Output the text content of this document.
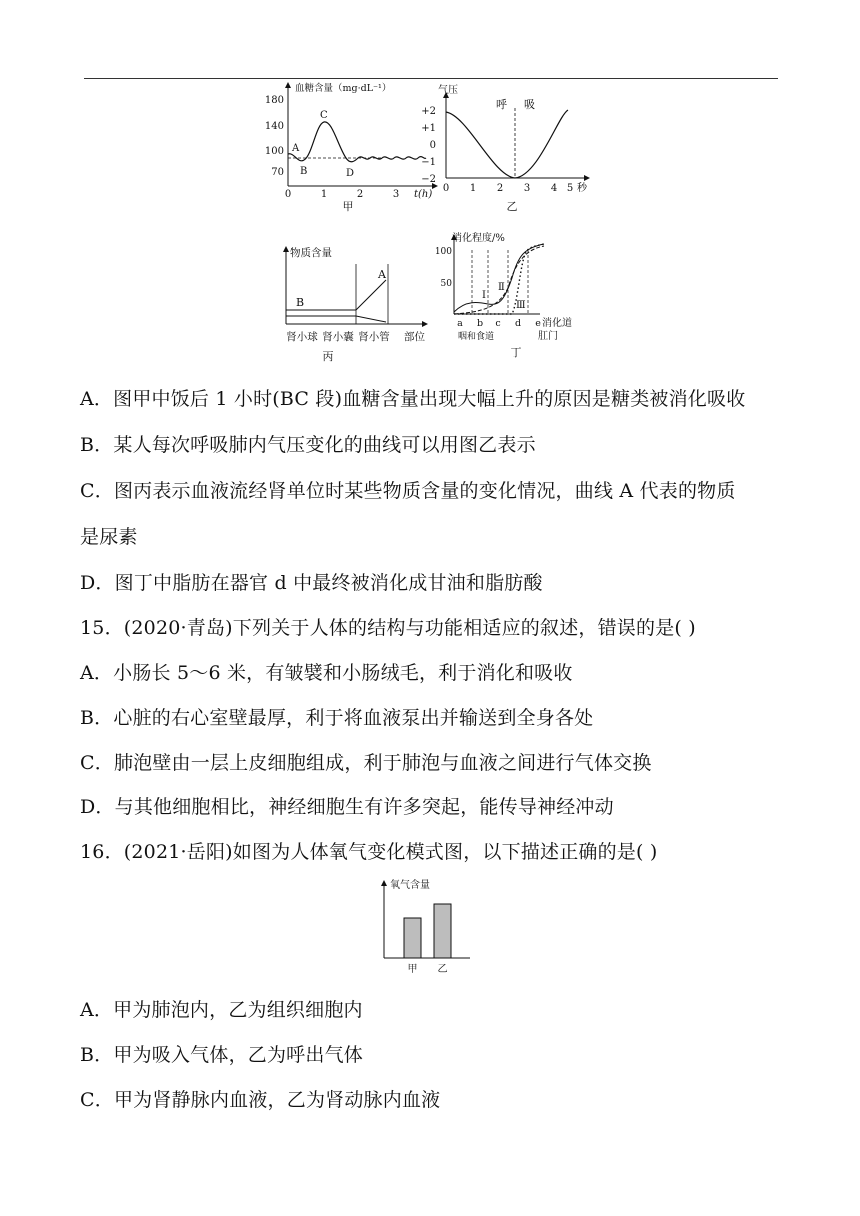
血糖含量（mg·dL⁻¹）
180
140
100
70
0	1	2	3 t(h)
A
B
C
D
甲
气压
呼 吸
+2
+1
0
−1
−2
0 1 2 3 4 5 秒
乙
物质含量
A
B
肾小球 肾小囊 肾小管 部位
丙
消化程度/%
100
50
Ⅰ
Ⅱ
Ⅲ
a b c d e 消化道
咽和食道	肛门
丁
A．图甲中饭后 1 小时(BC 段)血糖含量出现大幅上升的原因是糖类被消化吸收
B．某人每次呼吸肺内气压变化的曲线可以用图乙表示
C．图丙表示血液流经肾单位时某些物质含量的变化情况，曲线 A 代表的物质
是尿素
D．图丁中脂肪在器官 d 中最终被消化成甘油和脂肪酸
15．(2020·青岛)下列关于人体的结构与功能相适应的叙述，错误的是( )
A．小肠长 5～6 米，有皱襞和小肠绒毛，利于消化和吸收
B．心脏的右心室壁最厚，利于将血液泵出并输送到全身各处
C．肺泡壁由一层上皮细胞组成，利于肺泡与血液之间进行气体交换
D．与其他细胞相比，神经细胞生有许多突起，能传导神经冲动
16．(2021·岳阳)如图为人体氧气变化模式图，以下描述正确的是( )
氧气含量
甲 乙
A．甲为肺泡内，乙为组织细胞内
B．甲为吸入气体，乙为呼出气体
C．甲为肾静脉内血液，乙为肾动脉内血液
